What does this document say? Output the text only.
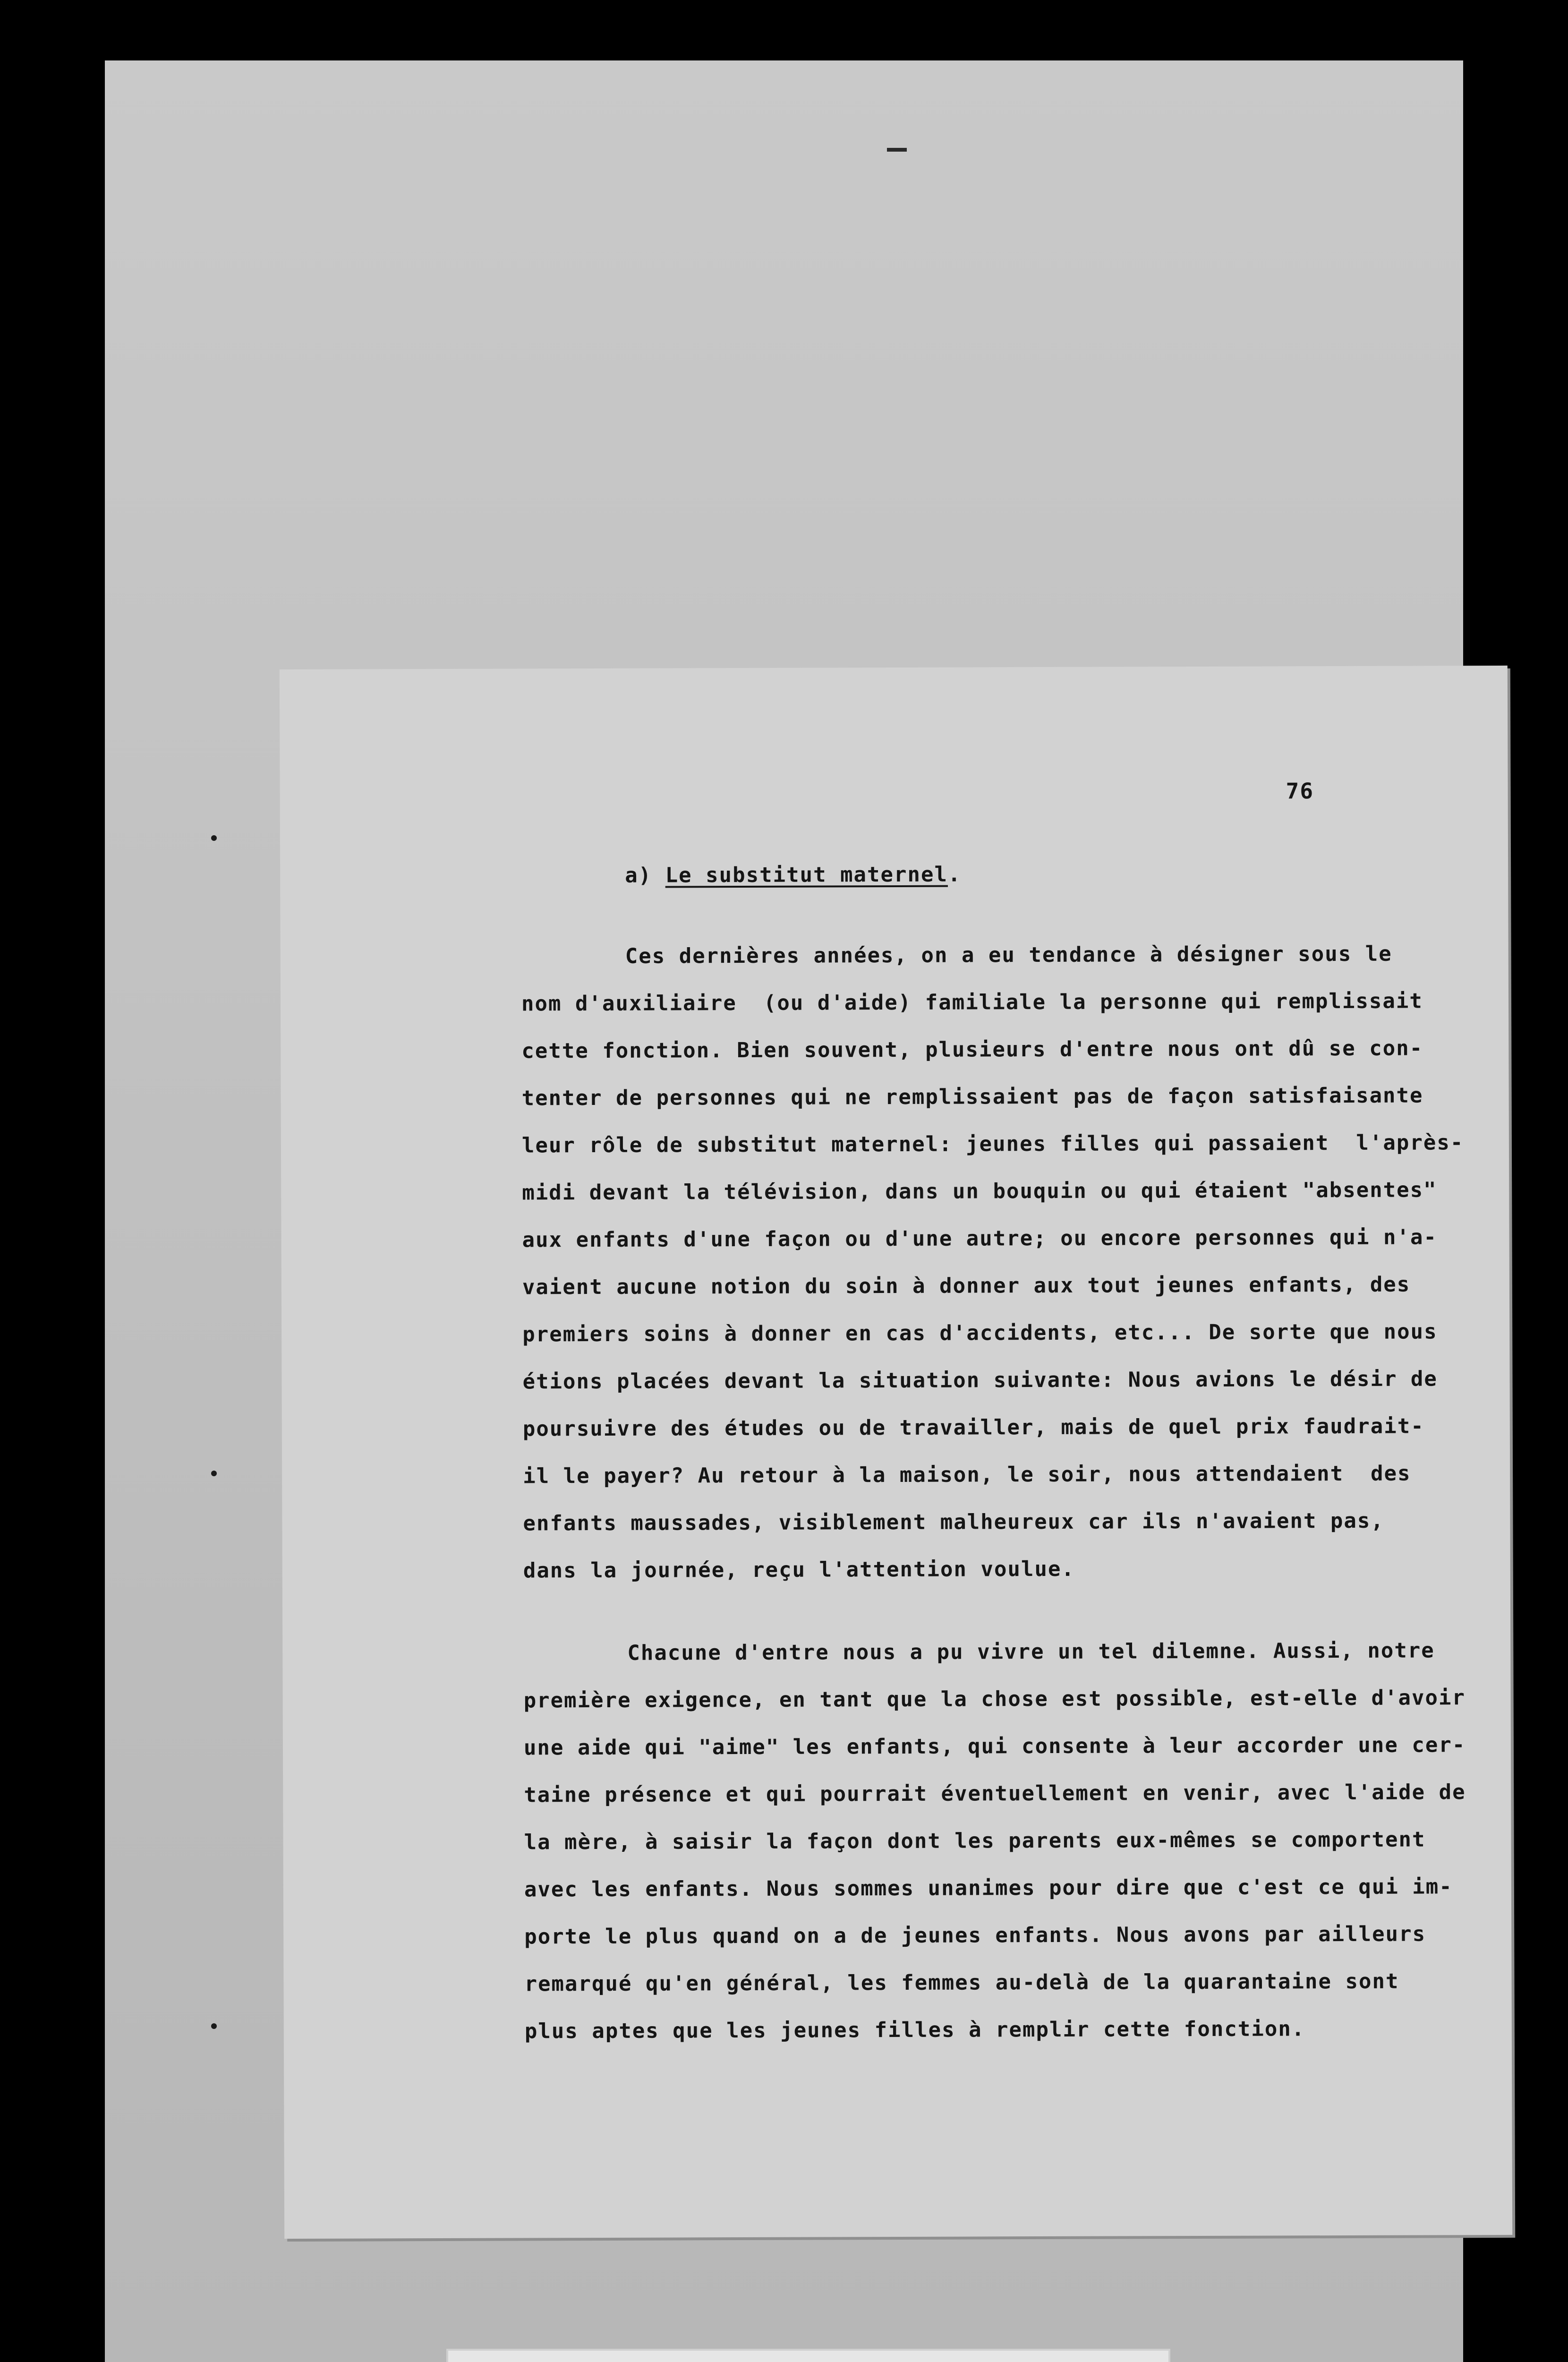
76
a) Le substitut maternel.
Ces dernières années, on a eu tendance à désigner sous le
nom d'auxiliaire  (ou d'aide) familiale la personne qui remplissait
cette fonction. Bien souvent, plusieurs d'entre nous ont dû se con-
tenter de personnes qui ne remplissaient pas de façon satisfaisante
leur rôle de substitut maternel: jeunes filles qui passaient  l'après-
midi devant la télévision, dans un bouquin ou qui étaient "absentes"
aux enfants d'une façon ou d'une autre; ou encore personnes qui n'a-
vaient aucune notion du soin à donner aux tout jeunes enfants, des
premiers soins à donner en cas d'accidents, etc... De sorte que nous
étions placées devant la situation suivante: Nous avions le désir de
poursuivre des études ou de travailler, mais de quel prix faudrait-
il le payer? Au retour à la maison, le soir, nous attendaient  des
enfants maussades, visiblement malheureux car ils n'avaient pas,
dans la journée, reçu l'attention voulue.
Chacune d'entre nous a pu vivre un tel dilemne. Aussi, notre
première exigence, en tant que la chose est possible, est-elle d'avoir
une aide qui "aime" les enfants, qui consente à leur accorder une cer-
taine présence et qui pourrait éventuellement en venir, avec l'aide de
la mère, à saisir la façon dont les parents eux-mêmes se comportent
avec les enfants. Nous sommes unanimes pour dire que c'est ce qui im-
porte le plus quand on a de jeunes enfants. Nous avons par ailleurs
remarqué qu'en général, les femmes au-delà de la quarantaine sont
plus aptes que les jeunes filles à remplir cette fonction.
